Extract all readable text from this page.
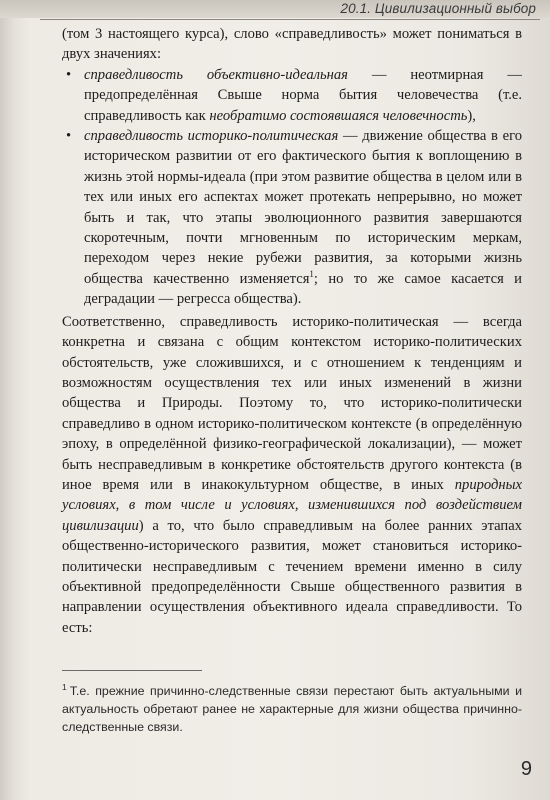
20.1. Цивилизационный выбор

(том 3 настоящего курса), слово «справедливость» может пониматься в двух значениях:

• справедливость объективно-идеальная — неотмирная — предопределённая Свыше норма бытия человечества (т.е. справедливость как необратимо состоявшаяся человечность),
• справедливость историко-политическая — движение общества в его историческом развитии от его фактического бытия к воплощению в жизнь этой нормы-идеала (при этом развитие общества в целом или в тех или иных его аспектах может протекать непрерывно, но может быть и так, что этапы эволюционного развития завершаются скоротечным, почти мгновенным по историческим меркам, переходом через некие рубежи развития, за которыми жизнь общества качественно изменяется$^1$; но то же самое касается и деградации — регресса общества).

Соответственно, справедливость историко-политическая — всегда конкретна и связана с общим контекстом историко-политических обстоятельств, уже сложившихся, и с отношением к тенденциям и возможностям осуществления тех или иных изменений в жизни общества и Природы. Поэтому то, что историко-политически справедливо в одном историко-политическом контексте (в определённую эпоху, в определённой физико-географической локализации), — может быть несправедливым в конкретике обстоятельств другого контекста (в иное время или в инакокультурном обществе, в иных природных условиях, в том числе и условиях, изменившихся под воздействием цивилизации) а то, что было справедливым на более ранних этапах общественно-исторического развития, может становиться историко-политически несправедливым с течением времени именно в силу объективной предопределённости Свыше общественного развития в направлении осуществления объективного идеала справедливости. То есть:

$^1$ Т.е. прежние причинно-следственные связи перестают быть актуальными и актуальность обретают ранее не характерные для жизни общества причинно-следственные связи.
9
